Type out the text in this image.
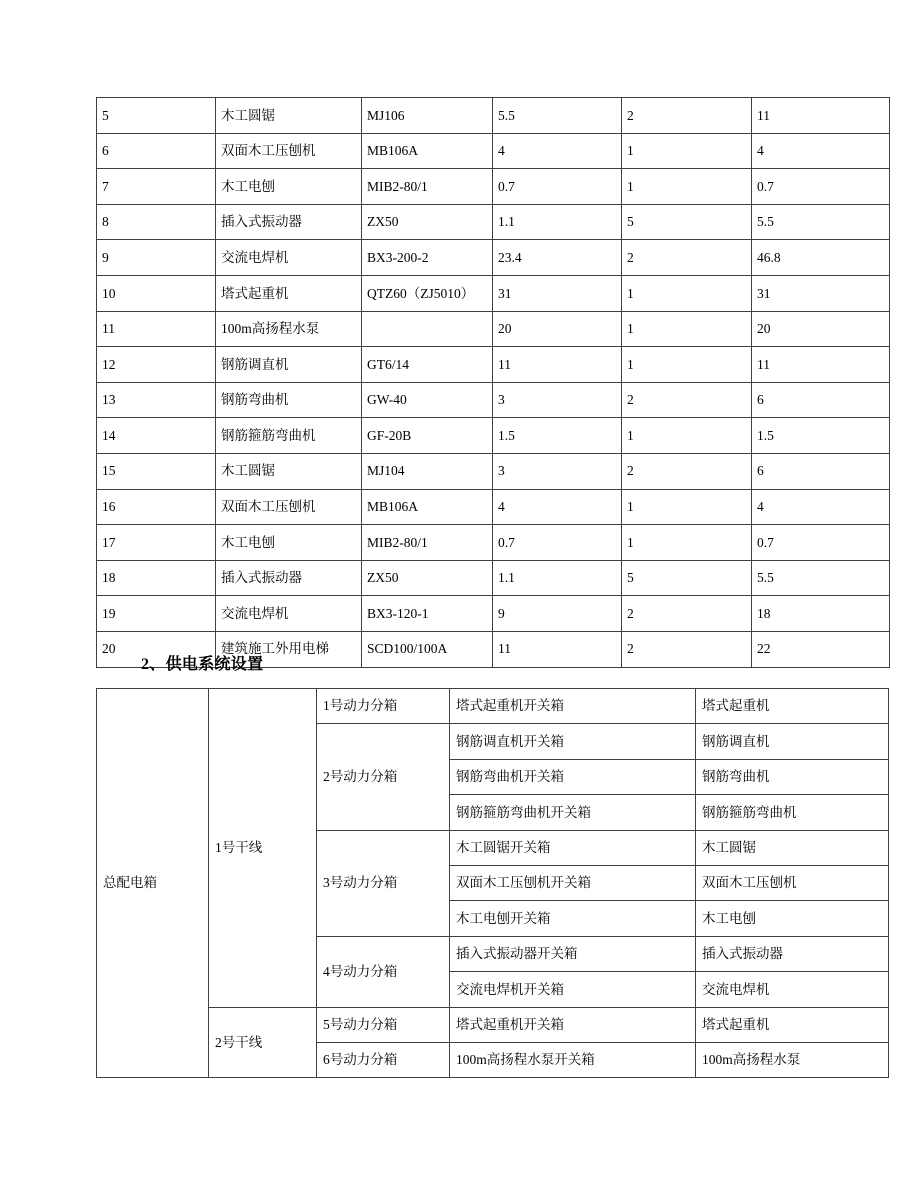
5	木工圆锯	MJ106	5.5	2	11
6	双面木工压刨机	MB106A	4	1	4
7	木工电刨	MIB2-80/1	0.7	1	0.7
8	插入式振动器	ZX50	1.1	5	5.5
9	交流电焊机	BX3-200-2	23.4	2	46.8
10	塔式起重机	QTZ60（ZJ5010）	31	1	31
11	100m高扬程水泵		20	1	20
12	钢筋调直机	GT6/14	11	1	11
13	钢筋弯曲机	GW-40	3	2	6
14	钢筋箍筋弯曲机	GF-20B	1.5	1	1.5
15	木工圆锯	MJ104	3	2	6
16	双面木工压刨机	MB106A	4	1	4
17	木工电刨	MIB2-80/1	0.7	1	0.7
18	插入式振动器	ZX50	1.1	5	5.5
19	交流电焊机	BX3-120-1	9	2	18
20	建筑施工外用电梯	SCD100/100A	11	2	22
2、供电系统设置
总配电箱	1号干线	1号动力分箱	塔式起重机开关箱	塔式起重机
		2号动力分箱	钢筋调直机开关箱	钢筋调直机
			钢筋弯曲机开关箱	钢筋弯曲机
			钢筋箍筋弯曲机开关箱	钢筋箍筋弯曲机
		3号动力分箱	木工圆锯开关箱	木工圆锯
			双面木工压刨机开关箱	双面木工压刨机
			木工电刨开关箱	木工电刨
		4号动力分箱	插入式振动器开关箱	插入式振动器
			交流电焊机开关箱	交流电焊机
	2号干线	5号动力分箱	塔式起重机开关箱	塔式起重机
		6号动力分箱	100m高扬程水泵开关箱	100m高扬程水泵
